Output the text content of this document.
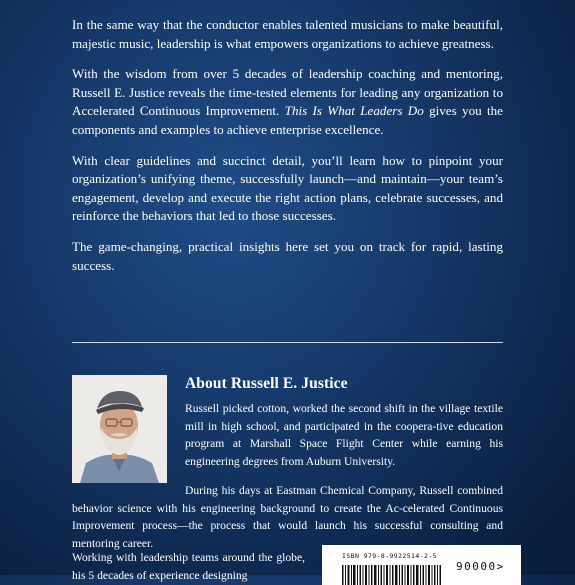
In the same way that the conductor enables talented musicians to make beautiful, majestic music, leadership is what empowers organizations to achieve greatness.

With the wisdom from over 5 decades of leadership coaching and mentoring, Russell E. Justice reveals the time-tested elements for leading any organization to Accelerated Continuous Improvement. This Is What Leaders Do gives you the components and examples to achieve enterprise excellence.

With clear guidelines and succinct detail, you’ll learn how to pinpoint your organization’s unifying theme, successfully launch—and maintain—your team’s engagement, develop and execute the right action plans, celebrate successes, and reinforce the behaviors that led to those successes.

The game-changing, practical insights here set you on track for rapid, lasting success.

About Russell E. Justice
Russell picked cotton, worked the second shift in the village textile mill in high school, and participated in the coopera-tive education program at Marshall Space Flight Center while earning his engineering degrees from Auburn University.
During his days at Eastman Chemical Company, Russell combined behavior science with his engineering background to create the Ac-celerated Continuous Improvement process—the process that would launch his successful consulting and mentoring career.
Working with leadership teams around the globe, his 5 decades of experience designing
ISBN 979-8-9922514-2-5
90000>
